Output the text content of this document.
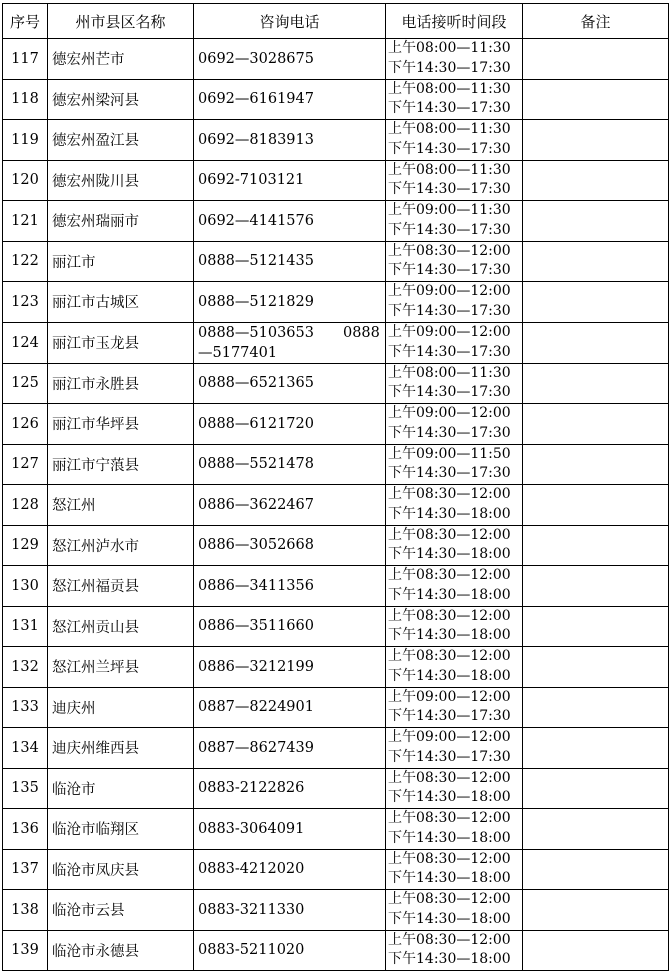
序号	州市县区名称	咨询电话	电话接听时间段	备注
117	德宏州芒市	0692—3028675	上午08:00—11:30
下午14:30—17:30	

118	德宏州梁河县	0692—6161947	上午08:00—11:30
下午14:30—17:30	

119	德宏州盈江县	0692—8183913	上午08:00—11:30
下午14:30—17:30	

120	德宏州陇川县	0692-7103121	上午08:00—11:30
下午14:30—17:30	

121	德宏州瑞丽市	0692—4141576	上午09:00—11:30
下午14:30—17:30	

122	丽江市	0888—5121435	上午08:30—12:00
下午14:30—17:30	

123	丽江市古城区	0888—5121829	上午09:00—12:00
下午14:30—17:30	

124	丽江市玉龙县	0888—5103653　　0888—5177401	上午09:00—12:00
下午14:30—17:30	

125	丽江市永胜县	0888—6521365	上午08:00—11:30
下午14:30—17:30	

126	丽江市华坪县	0888—6121720	上午09:00—12:00
下午14:30—17:30	

127	丽江市宁蒗县	0888—5521478	上午09:00—11:50
下午14:30—17:30	

128	怒江州	0886—3622467	上午08:30—12:00
下午14:30—18:00	

129	怒江州泸水市	0886—3052668	上午08:30—12:00
下午14:30—18:00	

130	怒江州福贡县	0886—3411356	上午08:30—12:00
下午14:30—18:00	

131	怒江州贡山县	0886—3511660	上午08:30—12:00
下午14:30—18:00	

132	怒江州兰坪县	0886—3212199	上午08:30—12:00
下午14:30—18:00	

133	迪庆州	0887—8224901	上午09:00—12:00
下午14:30—17:30	

134	迪庆州维西县	0887—8627439	上午09:00—12:00
下午14:30—17:30	

135	临沧市	0883-2122826	上午08:30—12:00
下午14:30—18:00	

136	临沧市临翔区	0883-3064091	上午08:30—12:00
下午14:30—18:00	

137	临沧市凤庆县	0883-4212020	上午08:30—12:00
下午14:30—18:00	

138	临沧市云县	0883-3211330	上午08:30—12:00
下午14:30—18:00	

139	临沧市永德县	0883-5211020	上午08:30—12:00
下午14:30—18:00	
